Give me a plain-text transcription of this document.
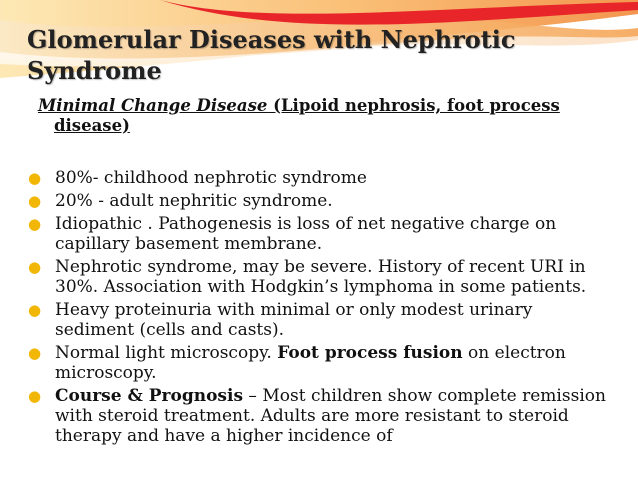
Glomerular Diseases with Nephrotic
Syndrome
Minimal Change Disease (Lipoid nephrosis, foot process
disease)
● 80%- childhood nephrotic syndrome
● 20% - adult nephritic syndrome.
● Idiopathic . Pathogenesis is loss of net negative charge on capillary basement membrane.
● Nephrotic syndrome, may be severe. History of recent URI in 30%. Association with Hodgkin’s lymphoma in some patients.
● Heavy proteinuria with minimal or only modest urinary sediment (cells and casts).
● Normal light microscopy. Foot process fusion on electron microscopy.
● Course & Prognosis – Most children show complete remission with steroid treatment. Adults are more resistant to steroid therapy and have a higher incidence of
